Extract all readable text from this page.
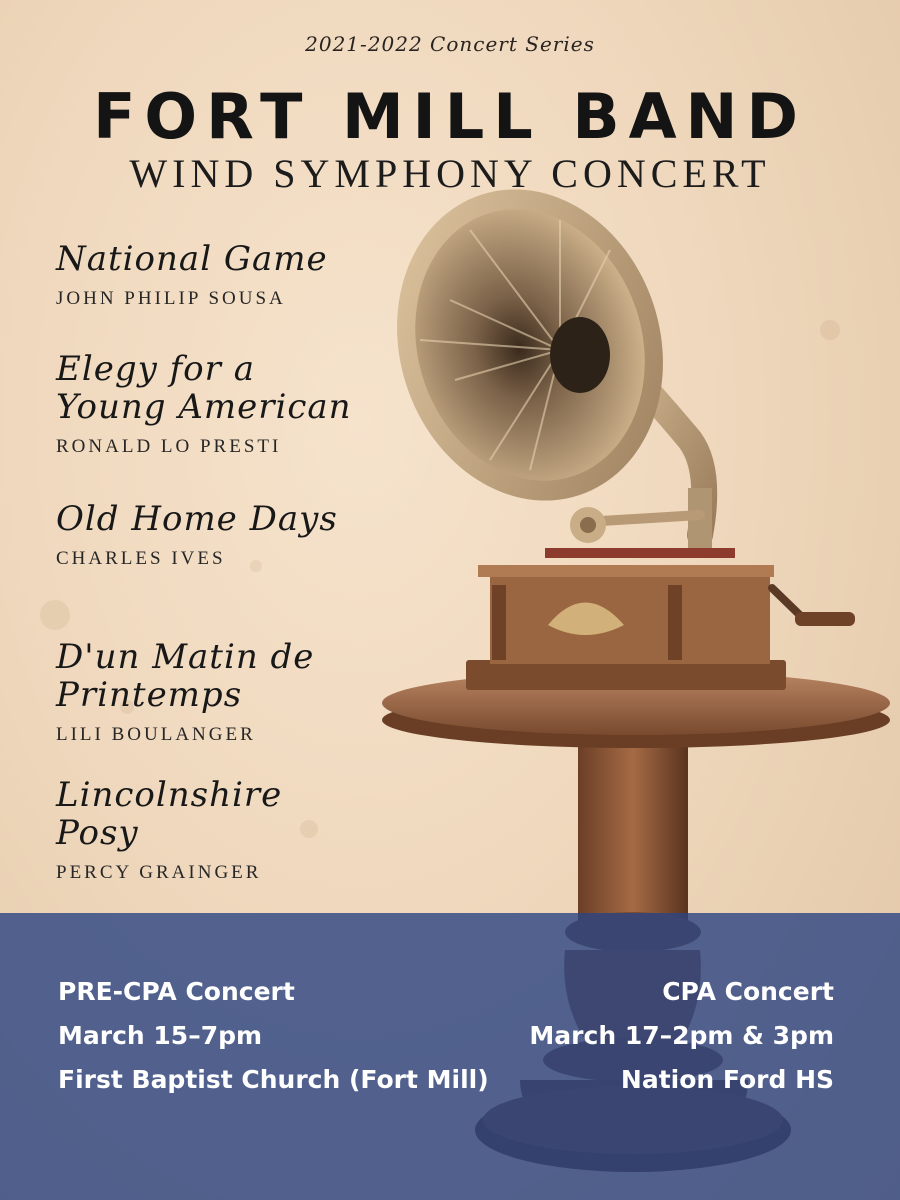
2021-2022 Concert Series
FORT MILL BAND
WIND SYMPHONY CONCERT
National Game
JOHN PHILIP SOUSA
Elegy for a
Young American
RONALD LO PRESTI
Old Home Days
CHARLES IVES
D'un Matin de
Printemps
LILI BOULANGER
Lincolnshire
Posy
PERCY GRAINGER
PRE-CPA Concert
March 15–7pm
First Baptist Church (Fort Mill)
CPA Concert
March 17–2pm & 3pm
Nation Ford HS
